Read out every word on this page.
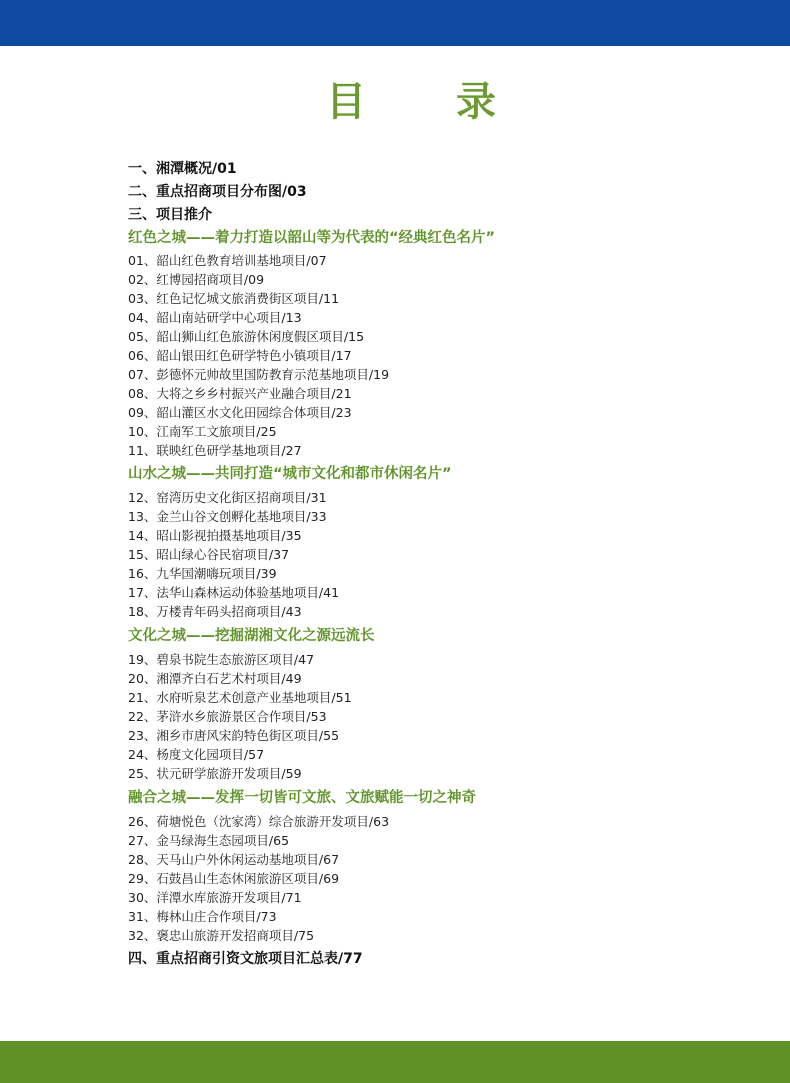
目 录
一、湘潭概况/01
二、重点招商项目分布图/03
三、项目推介
红色之城——着力打造以韶山等为代表的“经典红色名片”
01、韶山红色教育培训基地项目/07
02、红博园招商项目/09
03、红色记忆城文旅消费街区项目/11
04、韶山南站研学中心项目/13
05、韶山狮山红色旅游休闲度假区项目/15
06、韶山银田红色研学特色小镇项目/17
07、彭德怀元帅故里国防教育示范基地项目/19
08、大将之乡乡村振兴产业融合项目/21
09、韶山灌区水文化田园综合体项目/23
10、江南军工文旅项目/25
11、联映红色研学基地项目/27
山水之城——共同打造“城市文化和都市休闲名片”
12、窑湾历史文化街区招商项目/31
13、金兰山谷文创孵化基地项目/33
14、昭山影视拍摄基地项目/35
15、昭山绿心谷民宿项目/37
16、九华国潮嗨玩项目/39
17、法华山森林运动体验基地项目/41
18、万楼青年码头招商项目/43
文化之城——挖掘湖湘文化之源远流长
19、碧泉书院生态旅游区项目/47
20、湘潭齐白石艺术村项目/49
21、水府听泉艺术创意产业基地项目/51
22、茅浒水乡旅游景区合作项目/53
23、湘乡市唐风宋韵特色街区项目/55
24、杨度文化园项目/57
25、状元研学旅游开发项目/59
融合之城——发挥一切皆可文旅、文旅赋能一切之神奇
26、荷塘悦色（沈家湾）综合旅游开发项目/63
27、金马绿海生态园项目/65
28、天马山户外休闲运动基地项目/67
29、石鼓昌山生态休闲旅游区项目/69
30、洋潭水库旅游开发项目/71
31、梅林山庄合作项目/73
32、褒忠山旅游开发招商项目/75
四、重点招商引资文旅项目汇总表/77
